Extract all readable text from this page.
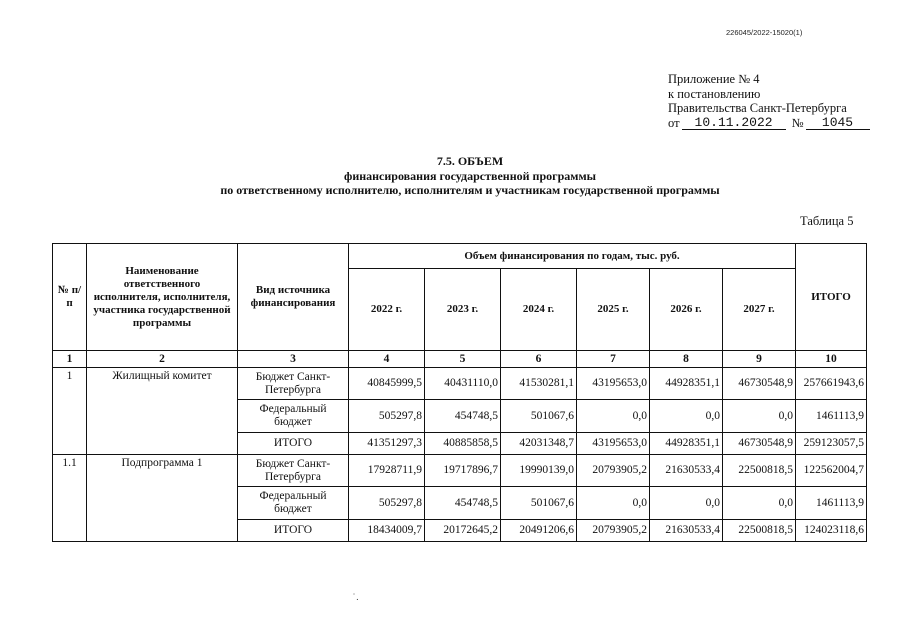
226045/2022-15020(1)
Приложение № 4
к постановлению
Правительства Санкт-Петербурга
от	10.11.2022	№	1045
7.5. ОБЪЕМ
финансирования государственной программы
по ответственному исполнителю, исполнителям и участникам государственной программы
Таблица 5
№ п/п	Наименование ответственного исполнителя, исполнителя, участника государственной программы	Вид источника финансирования	Объем финансирования по годам, тыс. руб.						ИТОГО
			2022 г.	2023 г.	2024 г.	2025 г.	2026 г.	2027 г.	
1	2	3	4	5	6	7	8	9	10
1	Жилищный комитет	Бюджет Санкт-Петербурга	40845999,5	40431110,0	41530281,1	43195653,0	44928351,1	46730548,9	257661943,6
		Федеральный бюджет	505297,8	454748,5	501067,6	0,0	0,0	0,0	1461113,9
		ИТОГО	41351297,3	40885858,5	42031348,7	43195653,0	44928351,1	46730548,9	259123057,5
1.1	Подпрограмма 1	Бюджет Санкт-Петербурга	17928711,9	19717896,7	19990139,0	20793905,2	21630533,4	22500818,5	122562004,7
		Федеральный бюджет	505297,8	454748,5	501067,6	0,0	0,0	0,0	1461113,9
		ИТОГО	18434009,7	20172645,2	20491206,6	20793905,2	21630533,4	22500818,5	124023118,6
̇ .
